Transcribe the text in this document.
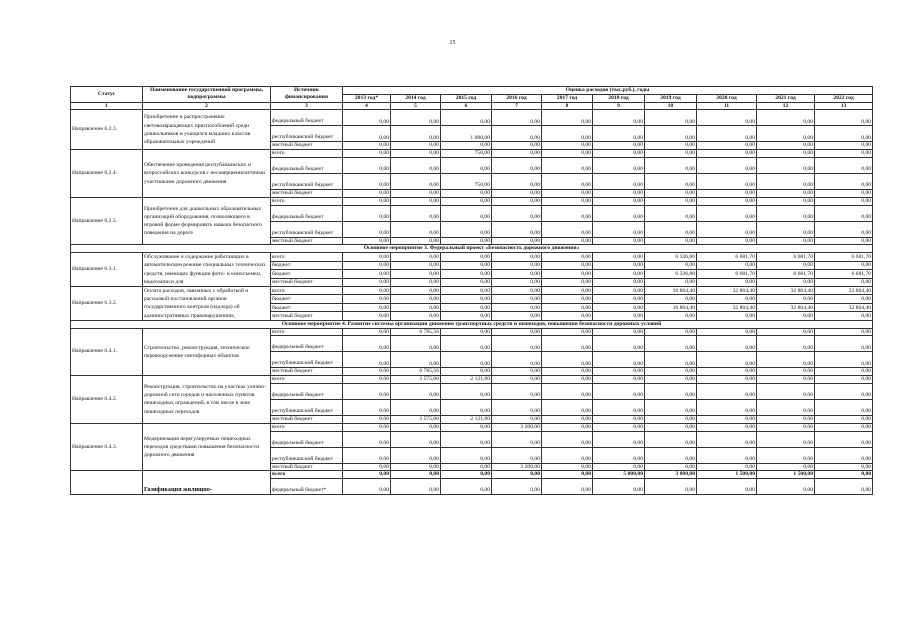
15
Статус	Наименование государственной программы, подпрограммы	Источник финансирования	Оценка расходов (тыс.руб.), годы									
			2013 год*	2014 год	2015 год	2016 год	2017 год	2018 год	2019 год	2020 год	2021 год	2022 год
1	2	3	4	5	6	7	8	9	10	11	12	13
Направление 6.2.3.	Приобретение и распространение световозвращающих приспособлений среди дошкольников и учащихся младших классов образовательных учреждений	федеральный бюджет	0,00	0,00	0,00	0,00	0,00	0,00	0,00	0,00	0,00	0,00
		республиканский бюджет	0,00	0,00	1 000,00	0,00	0,00	0,00	0,00	0,00	0,00	0,00
		местный бюджет	0,00	0,00	0,00	0,00	0,00	0,00	0,00	0,00	0,00	0,00
Направление 6.2.4.	Обеспечение проведения республиканских и всероссийских конкурсов с несовершеннолетними участниками дорожного движения	всего	0,00	0,00	750,00	0,00	0,00	0,00	0,00	0,00	0,00	0,00
		федеральный бюджет	0,00	0,00	0,00	0,00	0,00	0,00	0,00	0,00	0,00	0,00
		республиканский бюджет	0,00	0,00	750,00	0,00	0,00	0,00	0,00	0,00	0,00	0,00
		местный бюджет	0,00	0,00	0,00	0,00	0,00	0,00	0,00	0,00	0,00	0,00
Направление 6.2.5.	Приобретение для дошкольных образовательных организаций оборудования, позволяющего в игровой форме формировать навыки безопасного поведения на дороге	всего	0,00	0,00	0,00	0,00	0,00	0,00	0,00	0,00	0,00	0,00
		федеральный бюджет	0,00	0,00	0,00	0,00	0,00	0,00	0,00	0,00	0,00	0,00
		республиканский бюджет	0,00	0,00	0,00	0,00	0,00	0,00	0,00	0,00	0,00	0,00
		местный бюджет	0,00	0,00	0,00	0,00	0,00	0,00	0,00	0,00	0,00	0,00
Основное мероприятие 3. Федеральный проект «Безопасность дорожного движения»												
Направление 6.3.1.	Обслуживание и содержание работающих в автоматическом режиме специальных технических средств, имеющих функции фото- и киносъемки, видеозаписи для	всего	0,00	0,00	0,00	0,00	0,00	0,00	6 336,80	6 681,70	6 681,70	6 681,70
		бюджет	0,00	0,00	0,00	0,00	0,00	0,00	0,00	0,00	0,00	0,00
		бюджет	0,00	0,00	0,00	0,00	0,00	0,00	6 336,80	6 681,70	6 681,70	6 681,70
		местный бюджет	0,00	0,00	0,00	0,00	0,00	0,00	0,00	0,00	0,00	0,00
Направление 6.3.2.	Оплата расходов, связанных с обработкой и рассылкой постановлений органов государственного контроля (надзора) об административных правонарушениях,	всего	0,00	0,00	0,00	0,00	0,00	0,00	16 864,40	32 864,40	32 864,40	32 864,40
		бюджет	0,00	0,00	0,00	0,00	0,00	0,00	0,00	0,00	0,00	0,00
		бюджет	0,00	0,00	0,00	0,00	0,00	0,00	16 864,40	32 864,40	32 864,40	32 864,40
		местный бюджет	0,00	0,00	0,00	0,00	0,00	0,00	0,00	0,00	0,00	0,00
Основное мероприятие 4. Развитие системы организации движения транспортных средств и пешеходов, повышения безопасности дорожных условий												
Направление 6.4.1.	Строительство, реконструкция, техническое перевооружение светофорных объектов	всего	0,00	6 785,56	0,00	0,00	0,00	0,00	0,00	0,00	0,00	0,00
		федеральный бюджет	0,00	0,00	0,00	0,00	0,00	0,00	0,00	0,00	0,00	0,00
		республиканский бюджет	0,00	0,00	0,00	0,00	0,00	0,00	0,00	0,00	0,00	0,00
		местный бюджет	0,00	6 785,56	0,00	0,00	0,00	0,00	0,00	0,00	0,00	0,00
Направление 6.4.2.	Реконструкция, строительство на участках улично-дорожной сети городов и населенных пунктов пешеходных ограждений, в том числе в зоне пешеходных переходов	всего	0,00	3 575,60	2 121,60	0,00	0,00	0,00	0,00	0,00	0,00	0,00
		федеральный бюджет	0,00	0,00	0,00	0,00	0,00	0,00	0,00	0,00	0,00	0,00
		республиканский бюджет	0,00	0,00	0,00	0,00	0,00	0,00	0,00	0,00	0,00	0,00
		местный бюджет	0,00	3 575,60	2 121,60	0,00	0,00	0,00	0,00	0,00	0,00	0,00
Направление 6.4.3.	Модернизация нерегулируемых пешеходных переходов средствами повышения безопасности дорожного движения	всего	0,00	0,00	0,00	3 200,00	0,00	0,00	0,00	0,00	0,00	0,00
		федеральный бюджет	0,00	0,00	0,00	0,00	0,00	0,00	0,00	0,00	0,00	0,00
		республиканский бюджет	0,00	0,00	0,00	0,00	0,00	0,00	0,00	0,00	0,00	0,00
		местный бюджет	0,00	0,00	0,00	3 200,00	0,00	0,00	0,00	0,00	0,00	0,00
	Газификация жилищно-	всего	0,00	0,00	0,00	0,00	0,00	5 000,00	3 000,00	1 500,00	1 500,00	0,00
		федеральный бюджет*	0,00	0,00	0,00	0,00	0,00	0,00	0,00	0,00	0,00	0,00
